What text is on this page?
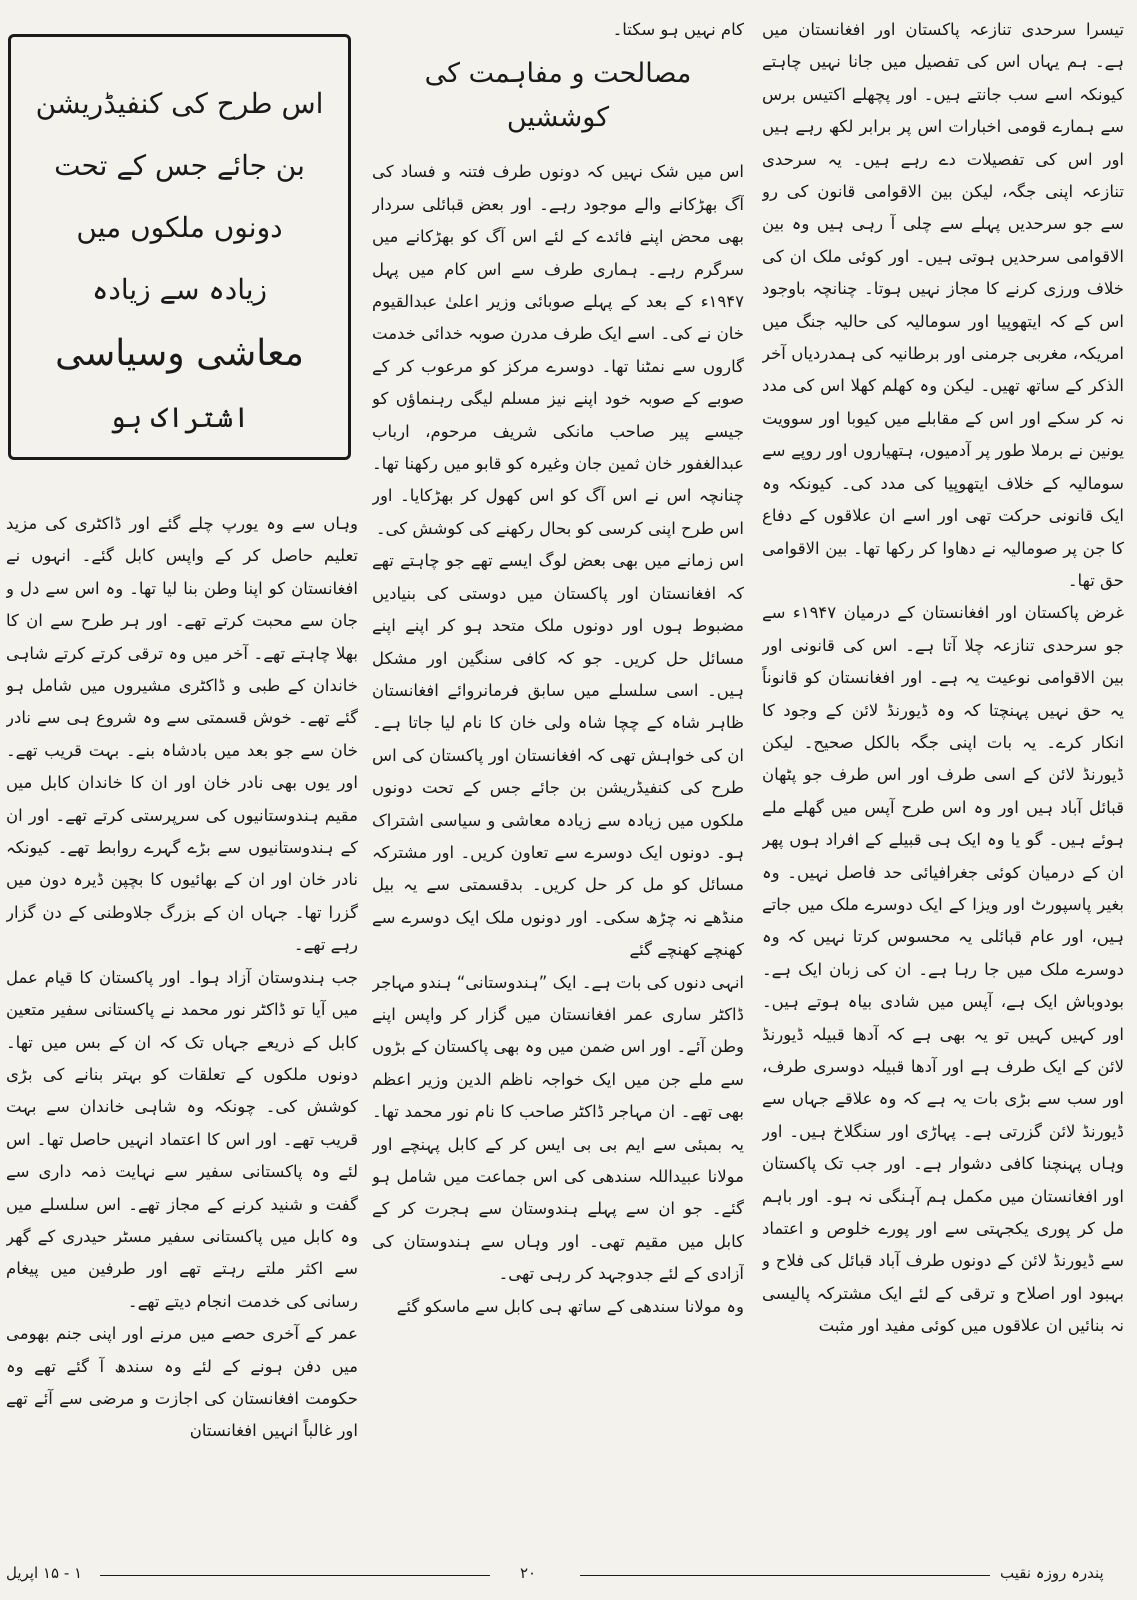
تیسرا سرحدی تنازعہ پاکستان اور افغانستان میں ہے۔ ہم یہاں اس کی تفصیل میں جانا نہیں چاہتے کیونکہ اسے سب جانتے ہیں۔ اور پچھلے اکتیس برس سے ہمارے قومی اخبارات اس پر برابر لکھ رہے ہیں اور اس کی تفصیلات دے رہے ہیں۔ یہ سرحدی تنازعہ اپنی جگہ، لیکن بین الاقوامی قانون کی رو سے جو سرحدیں پہلے سے چلی آ رہی ہیں وہ بین الاقوامی سرحدیں ہوتی ہیں۔ اور کوئی ملک ان کی خلاف ورزی کرنے کا مجاز نہیں ہوتا۔ چنانچہ باوجود اس کے کہ ایتھوپیا اور سومالیہ کی حالیہ جنگ میں امریکہ، مغربی جرمنی اور برطانیہ کی ہمدردیاں آخر الذکر کے ساتھ تھیں۔ لیکن وہ کھلم کھلا اس کی مدد نہ کر سکے اور اس کے مقابلے میں کیوبا اور سوویت یونین نے برملا طور پر آدمیوں، ہتھیاروں اور روپے سے سومالیہ کے خلاف ایتھوپیا کی مدد کی۔ کیونکہ وہ ایک قانونی حرکت تھی اور اسے ان علاقوں کے دفاع کا جن پر صومالیہ نے دھاوا کر رکھا تھا۔ بین الاقوامی حق تھا۔

غرض پاکستان اور افغانستان کے درمیان ۱۹۴۷ء سے جو سرحدی تنازعہ چلا آتا ہے۔ اس کی قانونی اور بین الاقوامی نوعیت یہ ہے۔ اور افغانستان کو قانوناً یہ حق نہیں پہنچتا کہ وہ ڈیورنڈ لائن کے وجود کا انکار کرے۔ یہ بات اپنی جگہ بالکل صحیح۔ لیکن ڈیورنڈ لائن کے اسی طرف اور اس طرف جو پٹھان قبائل آباد ہیں اور وہ اس طرح آپس میں گھلے ملے ہوئے ہیں۔ گو یا وہ ایک ہی قبیلے کے افراد ہوں پھر ان کے درمیان کوئی جغرافیائی حد فاصل نہیں۔ وہ بغیر پاسپورٹ اور ویزا کے ایک دوسرے ملک میں جاتے ہیں، اور عام قبائلی یہ محسوس کرتا نہیں کہ وہ دوسرے ملک میں جا رہا ہے۔ ان کی زبان ایک ہے۔ بودوباش ایک ہے، آپس میں شادی بیاہ ہوتے ہیں۔ اور کہیں کہیں تو یہ بھی ہے کہ آدھا قبیلہ ڈیورنڈ لائن کے ایک طرف ہے اور آدھا قبیلہ دوسری طرف، اور سب سے بڑی بات یہ ہے کہ وہ علاقے جہاں سے ڈیورنڈ لائن گزرتی ہے۔ پہاڑی اور سنگلاخ ہیں۔ اور وہاں پہنچنا کافی دشوار ہے۔ اور جب تک پاکستان اور افغانستان میں مکمل ہم آہنگی نہ ہو۔ اور باہم مل کر پوری یکجہتی سے اور پورے خلوص و اعتماد سے ڈیورنڈ لائن کے دونوں طرف آباد قبائل کی فلاح و بہبود اور اصلاح و ترقی کے لئے ایک مشترکہ پالیسی نہ بنائیں ان علاقوں میں کوئی مفید اور مثبت

کام نہیں ہو سکتا۔

مصالحت و مفاہمت کی کوششیں

اس میں شک نہیں کہ دونوں طرف فتنہ و فساد کی آگ بھڑکانے والے موجود رہے۔ اور بعض قبائلی سردار بھی محض اپنے فائدے کے لئے اس آگ کو بھڑکانے میں سرگرم رہے۔ ہماری طرف سے اس کام میں پہل ۱۹۴۷ء کے بعد کے پہلے صوبائی وزیر اعلیٰ عبدالقیوم خان نے کی۔ اسے ایک طرف مدرن صوبہ خدائی خدمت گاروں سے نمٹنا تھا۔ دوسرے مرکز کو مرعوب کر کے صوبے کے صوبہ خود اپنے نیز مسلم لیگی رہنماؤں کو جیسے پیر صاحب مانکی شریف مرحوم، ارباب عبدالغفور خان ثمین جان وغیرہ کو قابو میں رکھنا تھا۔ چنانچہ اس نے اس آگ کو اس کھول کر بھڑکایا۔ اور اس طرح اپنی کرسی کو بحال رکھنے کی کوشش کی۔

اس زمانے میں بھی بعض لوگ ایسے تھے جو چاہتے تھے کہ افغانستان اور پاکستان میں دوستی کی بنیادیں مضبوط ہوں اور دونوں ملک متحد ہو کر اپنے اپنے مسائل حل کریں۔ جو کہ کافی سنگین اور مشکل ہیں۔ اسی سلسلے میں سابق فرمانروائے افغانستان ظاہر شاہ کے چچا شاہ ولی خان کا نام لیا جاتا ہے۔ ان کی خواہش تھی کہ افغانستان اور پاکستان کی اس طرح کی کنفیڈریشن بن جائے جس کے تحت دونوں ملکوں میں زیادہ سے زیادہ معاشی و سیاسی اشتراک ہو۔ دونوں ایک دوسرے سے تعاون کریں۔ اور مشترکہ مسائل کو مل کر حل کریں۔ بدقسمتی سے یہ بیل منڈھے نہ چڑھ سکی۔ اور دونوں ملک ایک دوسرے سے کھنچے کھنچے گئے

انہی دنوں کی بات ہے۔ ایک ”ہندوستانی“ ہندو مہاجر ڈاکٹر ساری عمر افغانستان میں گزار کر واپس اپنے وطن آئے۔ اور اس ضمن میں وہ بھی پاکستان کے بڑوں سے ملے جن میں ایک خواجہ ناظم الدین وزیر اعظم بھی تھے۔ ان مہاجر ڈاکٹر صاحب کا نام نور محمد تھا۔ یہ بمبئی سے ایم بی بی ایس کر کے کابل پہنچے اور مولانا عبیداللہ سندھی کی اس جماعت میں شامل ہو گئے۔ جو ان سے پہلے ہندوستان سے ہجرت کر کے کابل میں مقیم تھی۔ اور وہاں سے ہندوستان کی آزادی کے لئے جدوجہد کر رہی تھی۔

وہ مولانا سندھی کے ساتھ ہی کابل سے ماسکو گئے

اس طرح کی کنفیڈریشن
بن جائے جس کے تحت
دونوں ملکوں میں
زیادہ سے زیادہ
معاشی وسیاسی
اشتراک ہو

وہاں سے وہ یورپ چلے گئے اور ڈاکٹری کی مزید تعلیم حاصل کر کے واپس کابل گئے۔ انہوں نے افغانستان کو اپنا وطن بنا لیا تھا۔ وہ اس سے دل و جان سے محبت کرتے تھے۔ اور ہر طرح سے ان کا بھلا چاہتے تھے۔ آخر میں وہ ترقی کرتے کرتے شاہی خاندان کے طبی و ڈاکٹری مشیروں میں شامل ہو گئے تھے۔ خوش قسمتی سے وہ شروع ہی سے نادر خان سے جو بعد میں بادشاہ بنے۔ بہت قریب تھے۔ اور یوں بھی نادر خان اور ان کا خاندان کابل میں مقیم ہندوستانیوں کی سرپرستی کرتے تھے۔ اور ان کے ہندوستانیوں سے بڑے گہرے روابط تھے۔ کیونکہ نادر خان اور ان کے بھائیوں کا بچپن ڈیرہ دون میں گزرا تھا۔ جہاں ان کے بزرگ جلاوطنی کے دن گزار رہے تھے۔

جب ہندوستان آزاد ہوا۔ اور پاکستان کا قیام عمل میں آیا تو ڈاکٹر نور محمد نے پاکستانی سفیر متعین کابل کے ذریعے جہاں تک کہ ان کے بس میں تھا۔ دونوں ملکوں کے تعلقات کو بہتر بنانے کی بڑی کوشش کی۔ چونکہ وہ شاہی خاندان سے بہت قریب تھے۔ اور اس کا اعتماد انہیں حاصل تھا۔ اس لئے وہ پاکستانی سفیر سے نہایت ذمہ داری سے گفت و شنید کرنے کے مجاز تھے۔ اس سلسلے میں وہ کابل میں پاکستانی سفیر مسٹر حیدری کے گھر سے اکثر ملتے رہتے تھے اور طرفین میں پیغام رسانی کی خدمت انجام دیتے تھے۔

عمر کے آخری حصے میں مرنے اور اپنی جنم بھومی میں دفن ہونے کے لئے وہ سندھ آ گئے تھے وہ حکومت افغانستان کی اجازت و مرضی سے آئے تھے اور غالباً انہیں افغانستان

۱ - ۱۵ اپریل	۲۰	پندرہ روزہ نقیب
